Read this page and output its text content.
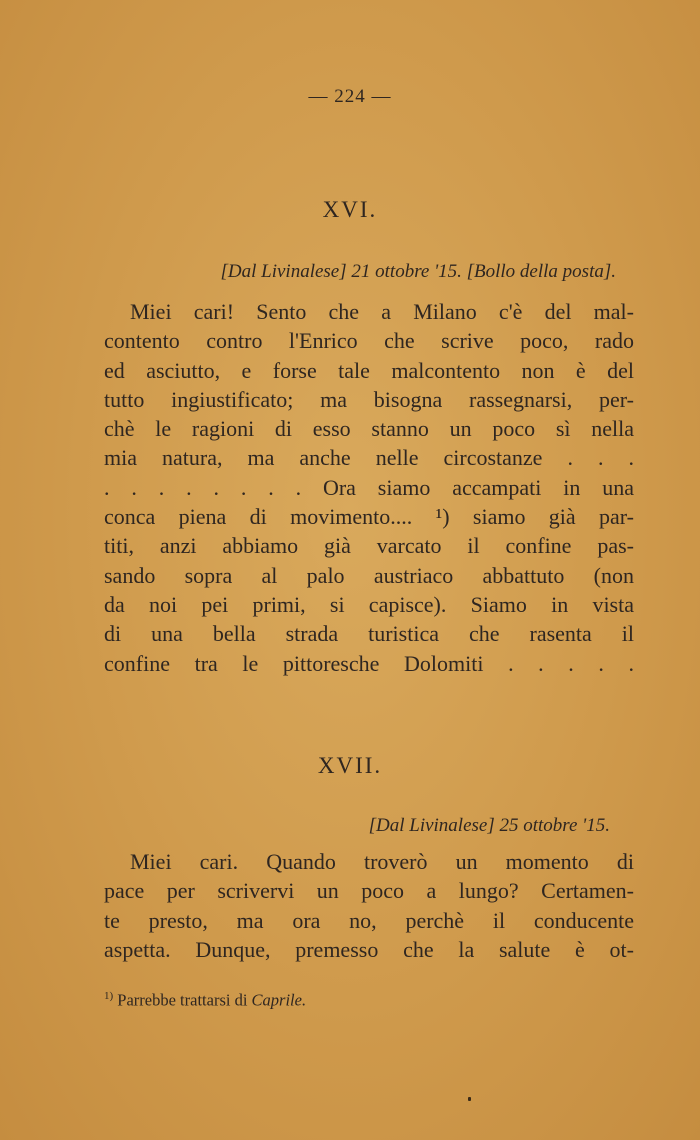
— 224 —
XVI.
[Dal Livinalese] 21 ottobre '15. [Bollo della posta].
Miei cari! Sento che a Milano c'è del mal-
contento contro l'Enrico che scrive poco, rado
ed asciutto, e forse tale malcontento non è del
tutto ingiustificato; ma bisogna rassegnarsi, per-
chè le ragioni di esso stanno un poco sì nella
mia natura, ma anche nelle circostanze . . .
. . . . . . . . Ora siamo accampati in una
conca piena di movimento.... ¹) siamo già par-
titi, anzi abbiamo già varcato il confine pas-
sando sopra al palo austriaco abbattuto (non
da noi pei primi, si capisce). Siamo in vista
di una bella strada turistica che rasenta il
confine tra le pittoresche Dolomiti . . . . .
XVII.
[Dal Livinalese] 25 ottobre '15.
Miei cari. Quando troverò un momento di
pace per scrivervi un poco a lungo? Certamen-
te presto, ma ora no, perchè il conducente
aspetta. Dunque, premesso che la salute è ot-
$^{1)}$ Parrebbe trattarsi di Caprile.
